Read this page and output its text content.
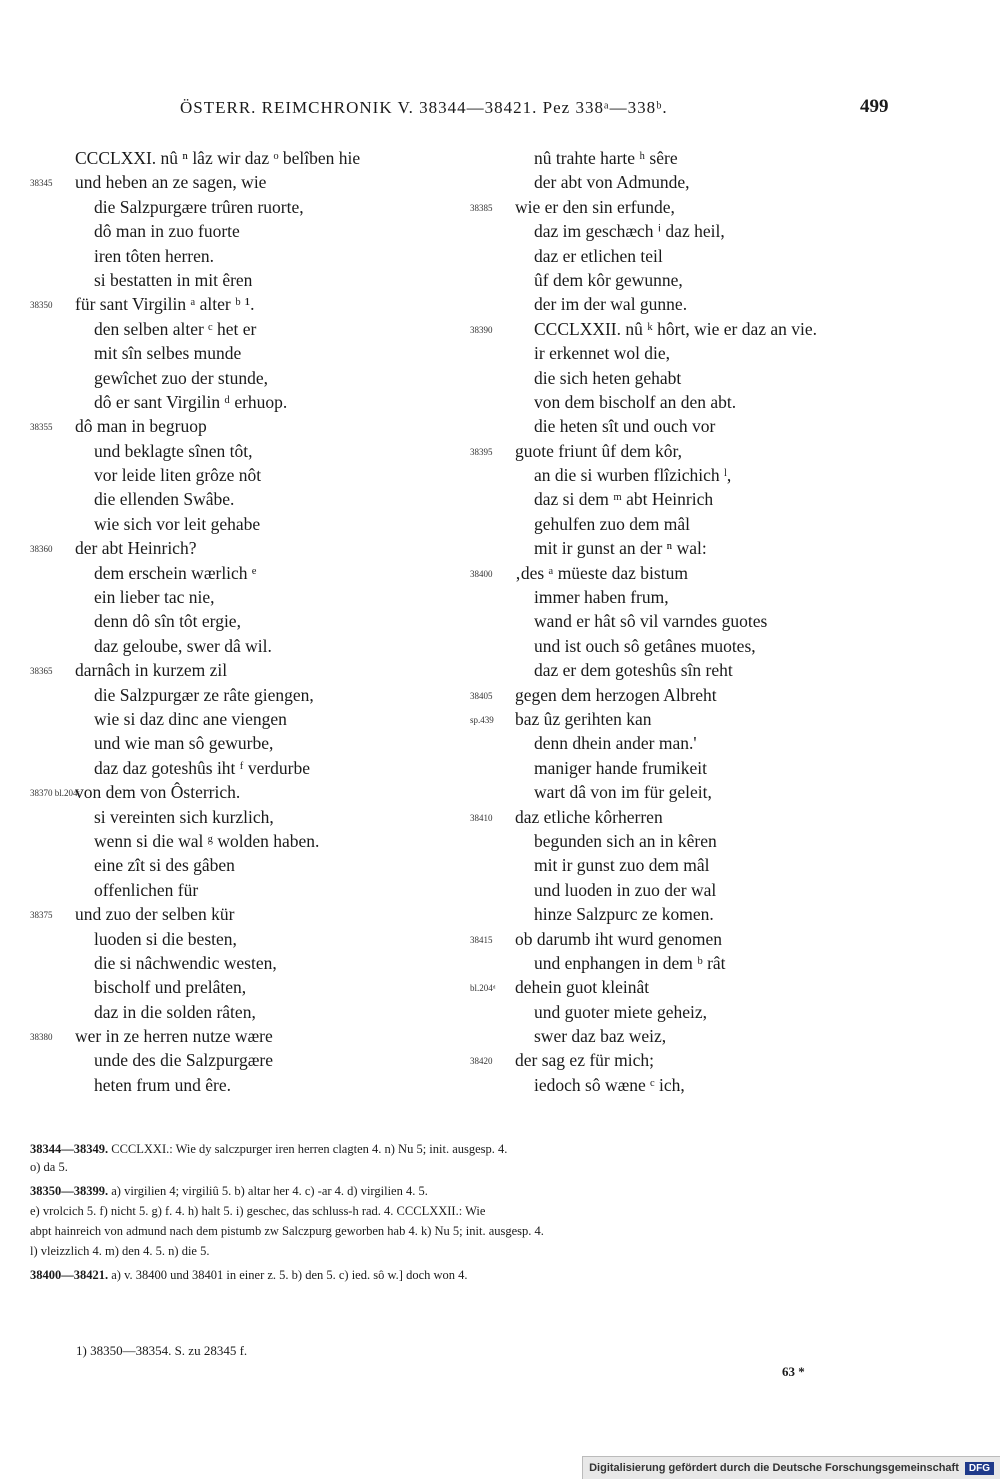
ÖSTERR. REIMCHRONIK V. 38344—38421. Pez 338ᵃ—338ᵇ.	499
CCCLXXI. nû ⁿ lâz wir daz ᵒ belîben hie
38345	und heben an ze sagen, wie
die Salzpurgære trûren ruorte,
dô man in zuo fuorte
iren tôten herren.
si bestatten in mit êren
38350	für sant Virgilin ᵃ alter ᵇ ¹.
den selben alter ᶜ het er
mit sîn selbes munde
gewîchet zuo der stunde,
dô er sant Virgilin ᵈ erhuop.
38355	dô man in begruop
und beklagte sînen tôt,
vor leide liten grôze nôt
die ellenden Swâbe.
wie sich vor leit gehabe
38360	der abt Heinrich?
dem erschein wærlich ᵉ
ein lieber tac nie,
denn dô sîn tôt ergie,
daz geloube, swer dâ wil.
38365	darnâch in kurzem zil
die Salzpurgær ze râte giengen,
wie si daz dinc ane viengen
und wie man sô gewurbe,
daz daz goteshûs iht ᶠ verdurbe
38370 bl.204ᶜ
von dem von Ôsterrich.
si vereinten sich kurzlich,
wenn si die wal ᵍ wolden haben.
eine zît si des gâben
offenlichen für
38375	und zuo der selben kür
luoden si die besten,
die si nâchwendic westen,
bischolf und prelâten,
daz in die solden râten,
38380	wer in ze herren nutze wære
unde des die Salzpurgære
heten frum und êre.
nû trahte harte ʰ sêre
der abt von Admunde,
38385	wie er den sin erfunde,
daz im geschæch ⁱ daz heil,
daz er etlichen teil
ûf dem kôr gewunne,
der im der wal gunne.
38390	CCCLXXII. nû ᵏ hôrt, wie er daz an vie.
ir erkennet wol die,
die sich heten gehabt
von dem bischolf an den abt.
die heten sît und ouch vor
38395	guote friunt ûf dem kôr,
an die si wurben flîzichich ˡ,
daz si dem ᵐ abt Heinrich
gehulfen zuo dem mâl
mit ir gunst an der ⁿ wal:
38400	‚des ᵃ müeste daz bistum
immer haben frum,
wand er hât sô vil varndes guotes
und ist ouch sô getânes muotes,
daz er dem goteshûs sîn reht
38405	gegen dem herzogen Albreht
sp.439	baz ûz gerihten kan
denn dhein ander man.'
maniger hande frumikeit
wart dâ von im für geleit,
38410	daz etliche kôrherren
begunden sich an in kêren
mit ir gunst zuo dem mâl
und luoden in zuo der wal
hinze Salzpurc ze komen.
38415	ob darumb iht wurd genomen
und enphangen in dem ᵇ rât
bl.204ᵈ	dehein guot kleinât
und guoter miete geheiz,
swer daz baz weiz,
38420	der sag ez für mich;
iedoch sô wæne ᶜ ich,

38344—38349. CCCLXXI.: Wie dy salczpurger iren herren clagten 4. n) Nu 5; init. ausgesp. 4.

o) da 5.

38350—38399. a) virgilien 4; virgiliû 5. b) altar her 4. c) -ar 4. d) virgilien 4. 5.

e) vrolcich 5. f) nicht 5. g) f. 4. h) halt 5. i) geschec, das schluss-h rad. 4. CCCLXXII.: Wie

abpt hainreich von admund nach dem pistumb zw Salczpurg geworben hab 4. k) Nu 5; init. ausgesp. 4.

l) vleizzlich 4. m) den 4. 5. n) die 5.

38400—38421. a) v. 38400 und 38401 in einer z. 5. b) den 5. c) ied. sô w.] doch won 4.

1) 38350—38354. S. zu 28345 f.
63 *
Digitalisierung gefördert durch die Deutsche Forschungsgemeinschaft	DFG
